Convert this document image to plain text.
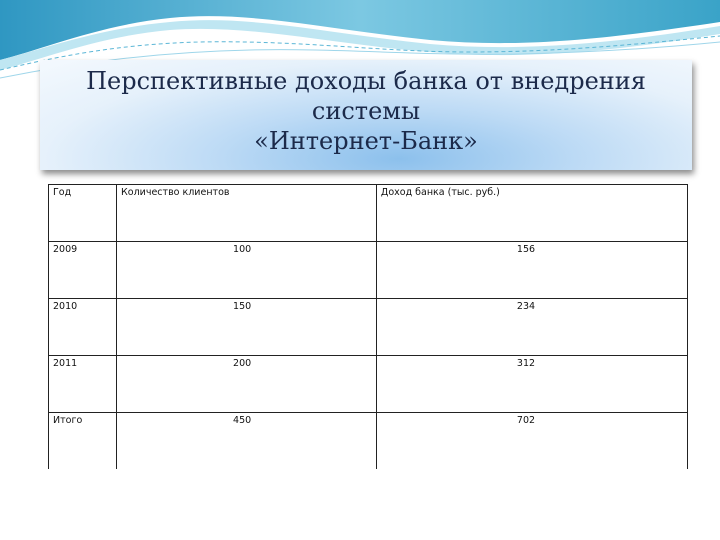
Перспективные доходы банка от внедрения системы
«Интернет-Банк»
Год	Количество клиентов	Доход банка (тыс. руб.)
2009	100	156
2010	150	234
2011	200	312
Итого	450	702
